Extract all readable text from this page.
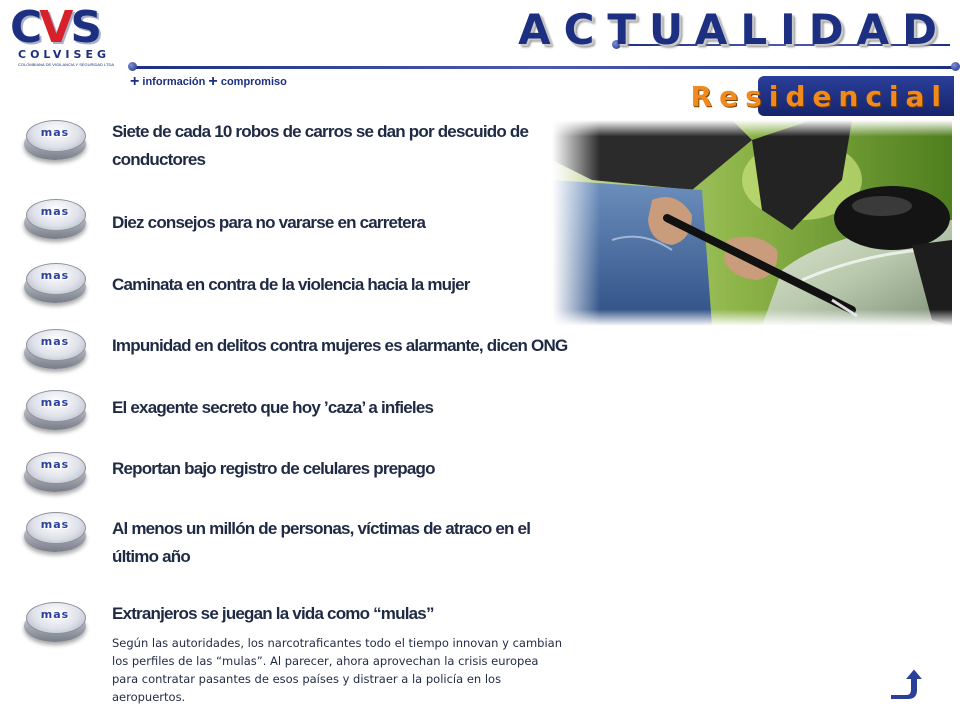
CVS
COLVISEG
COLOMBIANA DE VIGILANCIA Y SEGURIDAD LTDA
+ información + compromiso
ACTUALIDAD
Residencial
mas
mas
mas
mas
mas
mas
mas
mas
Siete de cada 10 robos de carros se dan por descuido de conductores
Diez consejos para no vararse en carretera
Caminata en contra de la violencia hacia la mujer
Impunidad en delitos contra mujeres es alarmante, dicen ONG
El exagente secreto que hoy ’caza’ a infieles
Reportan bajo registro de celulares prepago
Al menos un millón de personas, víctimas de atraco en el último año
Extranjeros se juegan la vida como “mulas”
Según las autoridades, los narcotraficantes todo el tiempo innovan y cambian los perfiles de las “mulas”. Al parecer, ahora aprovechan la crisis europea para contratar pasantes de esos países y distraer a la policía en los aeropuertos.
